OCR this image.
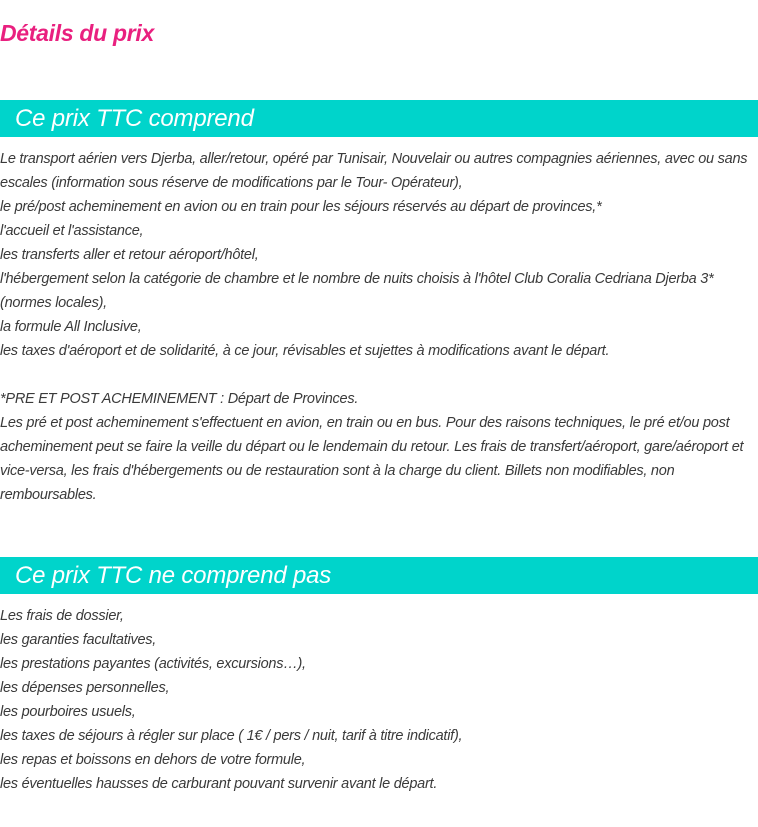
Détails du prix
Ce prix TTC comprend

Le transport aérien vers Djerba, aller/retour, opéré par Tunisair, Nouvelair ou autres compagnies aériennes, avec ou sans escales (information sous réserve de modifications par le Tour- Opérateur),

le pré/post acheminement en avion ou en train pour les séjours réservés au départ de provinces,*

l'accueil et l'assistance,

les transferts aller et retour aéroport/hôtel,

l'hébergement selon la catégorie de chambre et le nombre de nuits choisis à l'hôtel Club Coralia Cedriana Djerba 3* (normes locales),

la formule All Inclusive,

les taxes d'aéroport et de solidarité, à ce jour, révisables et sujettes à modifications avant le départ.

*PRE ET POST ACHEMINEMENT : Départ de Provinces.

Les pré et post acheminement s'effectuent en avion, en train ou en bus. Pour des raisons techniques, le pré et/ou post acheminement peut se faire la veille du départ ou le lendemain du retour. Les frais de transfert/aéroport, gare/aéroport et vice-versa, les frais d'hébergements ou de restauration sont à la charge du client. Billets non modifiables, non remboursables.

Ce prix TTC ne comprend pas

Les frais de dossier,

les garanties facultatives,

les prestations payantes (activités, excursions…),

les dépenses personnelles,

les pourboires usuels,

les taxes de séjours à régler sur place ( 1€ / pers / nuit, tarif à titre indicatif),

les repas et boissons en dehors de votre formule,

les éventuelles hausses de carburant pouvant survenir avant le départ.
